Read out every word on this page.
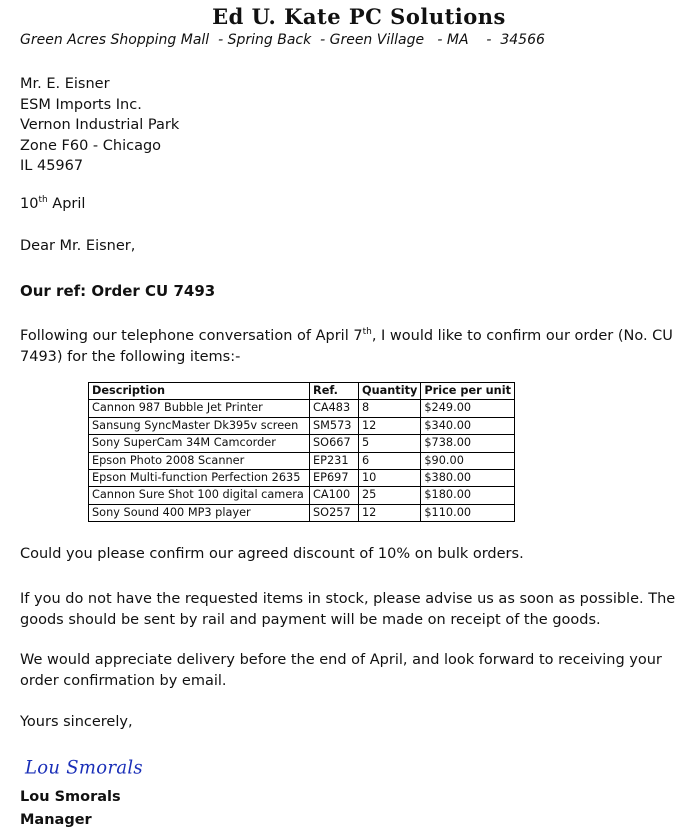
Ed U. Kate PC Solutions
Green Acres Shopping Mall  - Spring Back  - Green Village   - MA    -  34566
Mr. E. Eisner
ESM Imports Inc.
Vernon Industrial Park
Zone F60 - Chicago
IL 45967
10th April
Dear Mr. Eisner,
Our ref: Order CU 7493
Following our telephone conversation of April 7th, I would like to confirm our order (No. CU 7493) for the following items:-
Description	Ref.	Quantity	Price per unit
Cannon 987 Bubble Jet Printer	CA483	8	$249.00
Sansung SyncMaster Dk395v screen	SM573	12	$340.00
Sony SuperCam 34M Camcorder	SO667	5	$738.00
Epson Photo 2008 Scanner	EP231	6	$90.00
Epson Multi-function Perfection 2635	EP697	10	$380.00
Cannon Sure Shot 100 digital camera	CA100	25	$180.00
Sony Sound 400 MP3 player	SO257	12	$110.00
Could you please confirm our agreed discount of 10% on bulk orders.
If you do not have the requested items in stock, please advise us as soon as possible. The goods should be sent by rail and payment will be made on receipt of the goods.
We would appreciate delivery before the end of April, and look forward to receiving your order confirmation by email.
Yours sincerely,
Lou Smorals
Lou Smorals
Manager
